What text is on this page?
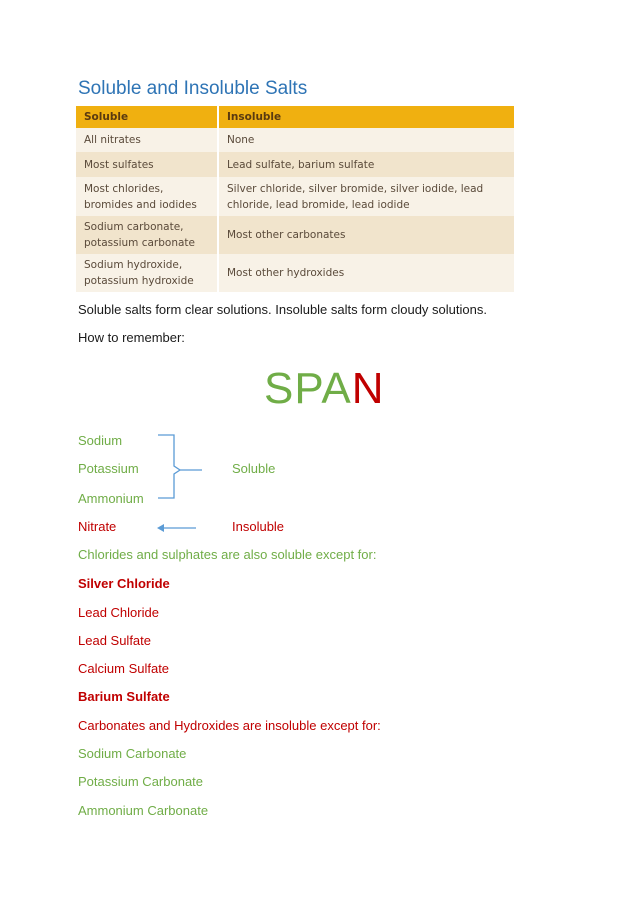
Soluble and Insoluble Salts
Soluble	Insoluble
All nitrates	None
Most sulfates	Lead sulfate, barium sulfate
Most chlorides,
bromides and iodides	Silver chloride, silver bromide, silver iodide, lead
chloride, lead bromide, lead iodide
Sodium carbonate,
potassium carbonate	Most other carbonates
Sodium hydroxide,
potassium hydroxide	Most other hydroxides
Soluble salts form clear solutions. Insoluble salts form cloudy solutions.
How to remember:
SPAN
Sodium
Potassium
Ammonium
Soluble
Nitrate	Insoluble
Chlorides and sulphates are also soluble except for:
Silver Chloride
Lead Chloride
Lead Sulfate
Calcium Sulfate
Barium Sulfate
Carbonates and Hydroxides are insoluble except for:
Sodium Carbonate
Potassium Carbonate
Ammonium Carbonate
